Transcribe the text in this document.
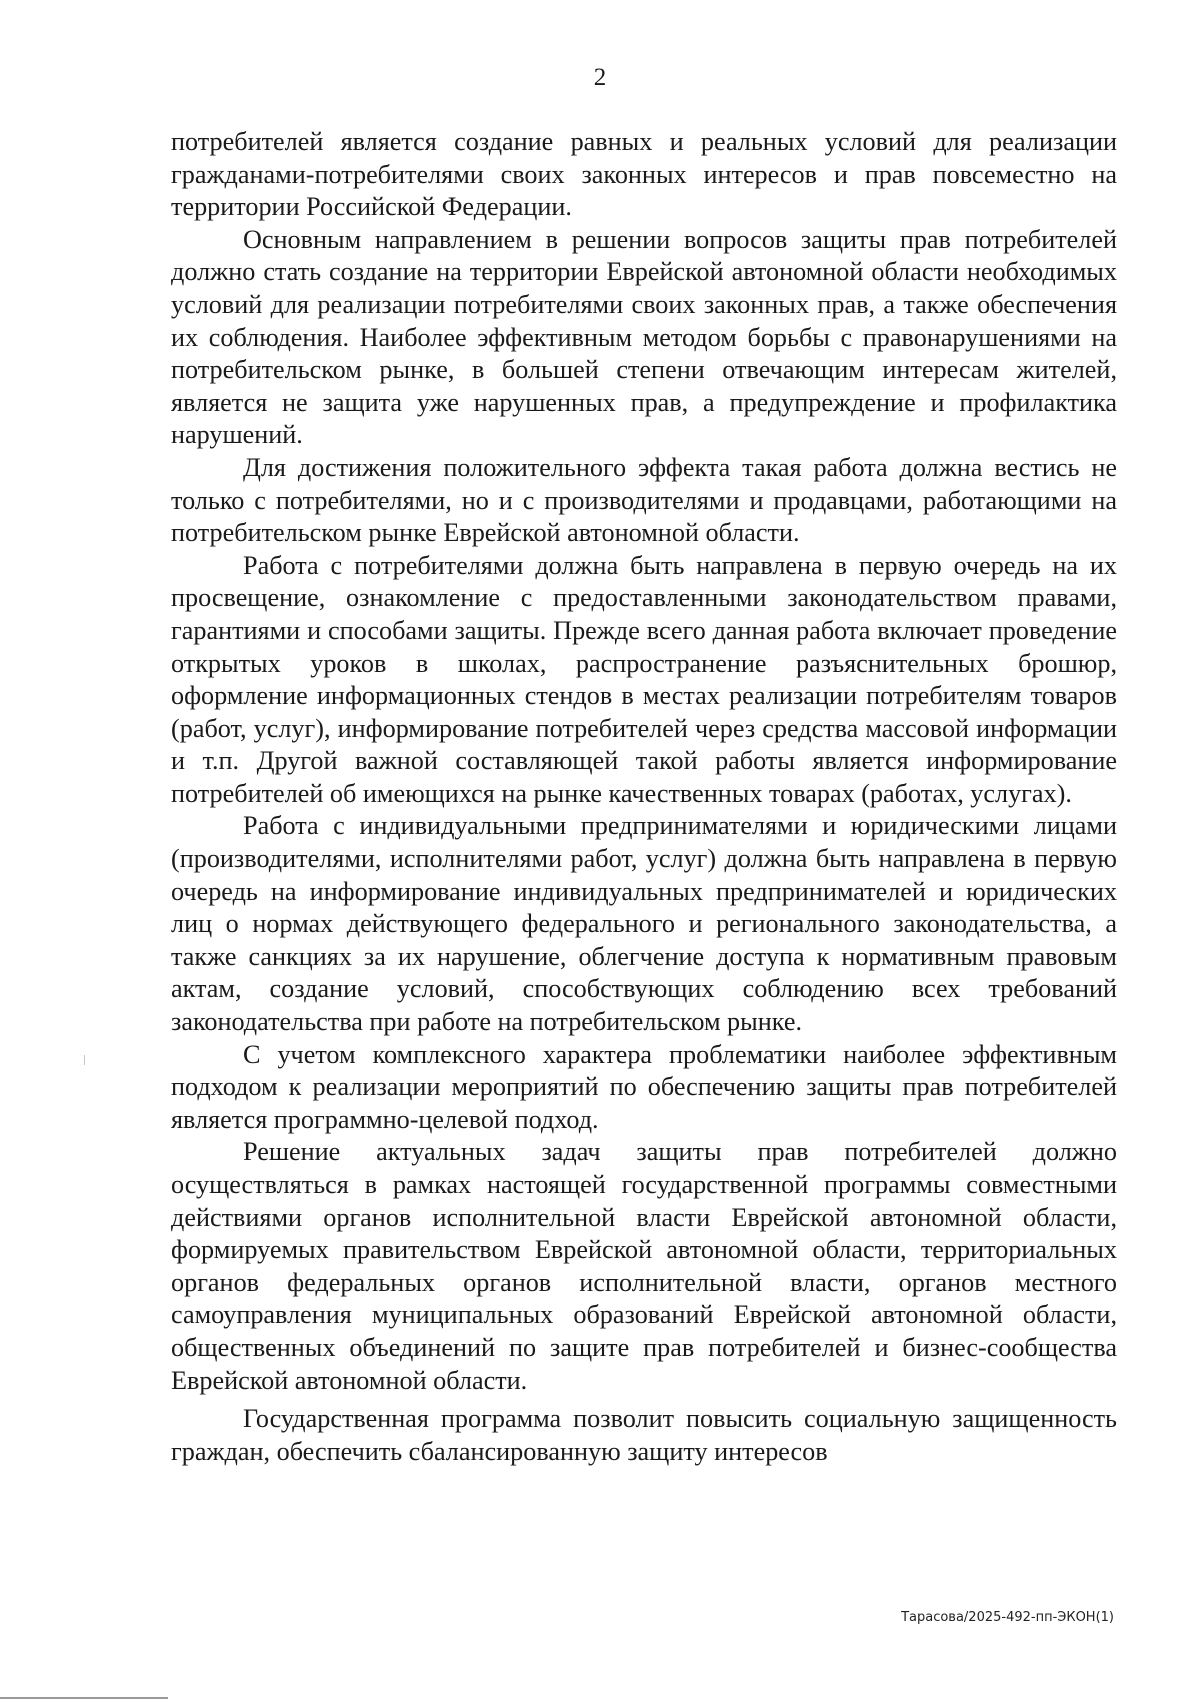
2

потребителей является создание равных и реальных условий для реализации гражданами-потребителями своих законных интересов и прав повсеместно на территории Российской Федерации.

Основным направлением в решении вопросов защиты прав потребителей должно стать создание на территории Еврейской автономной области необходимых условий для реализации потребителями своих законных прав, а также обеспечения их соблюдения. Наиболее эффективным методом борьбы с правонарушениями на потребительском рынке, в большей степени отвечающим интересам жителей, является не защита уже нарушенных прав, а предупреждение и профилактика нарушений.

Для достижения положительного эффекта такая работа должна вестись не только с потребителями, но и с производителями и продавцами, работающими на потребительском рынке Еврейской автономной области.

Работа с потребителями должна быть направлена в первую очередь на их просвещение, ознакомление с предоставленными законодательством правами, гарантиями и способами защиты. Прежде всего данная работа включает проведение открытых уроков в школах, распространение разъяснительных брошюр, оформление информационных стендов в местах реализации потребителям товаров (работ, услуг), информирование потребителей через средства массовой информации и т.п. Другой важной составляющей такой работы является информирование потребителей об имеющихся на рынке качественных товарах (работах, услугах).

Работа с индивидуальными предпринимателями и юридическими лицами (производителями, исполнителями работ, услуг) должна быть направлена в первую очередь на информирование индивидуальных предпринимателей и юридических лиц о нормах действующего федерального и регионального законодательства, а также санкциях за их нарушение, облегчение доступа к нормативным правовым актам, создание условий, способствующих соблюдению всех требований законодательства при работе на потребительском рынке.

С учетом комплексного характера проблематики наиболее эффективным подходом к реализации мероприятий по обеспечению защиты прав потребителей является программно-целевой подход.

Решение актуальных задач защиты прав потребителей должно осуществляться в рамках настоящей государственной программы совместными действиями органов исполнительной власти Еврейской автономной области, формируемых правительством Еврейской автономной области, территориальных органов федеральных органов исполнительной власти, органов местного самоуправления муниципальных образований Еврейской автономной области, общественных объединений по защите прав потребителей и бизнес-сообщества Еврейской автономной области.

Государственная программа позволит повысить социальную защищенность граждан, обеспечить сбалансированную защиту интересов

Тарасова/2025-492-пп-ЭКОН(1)
